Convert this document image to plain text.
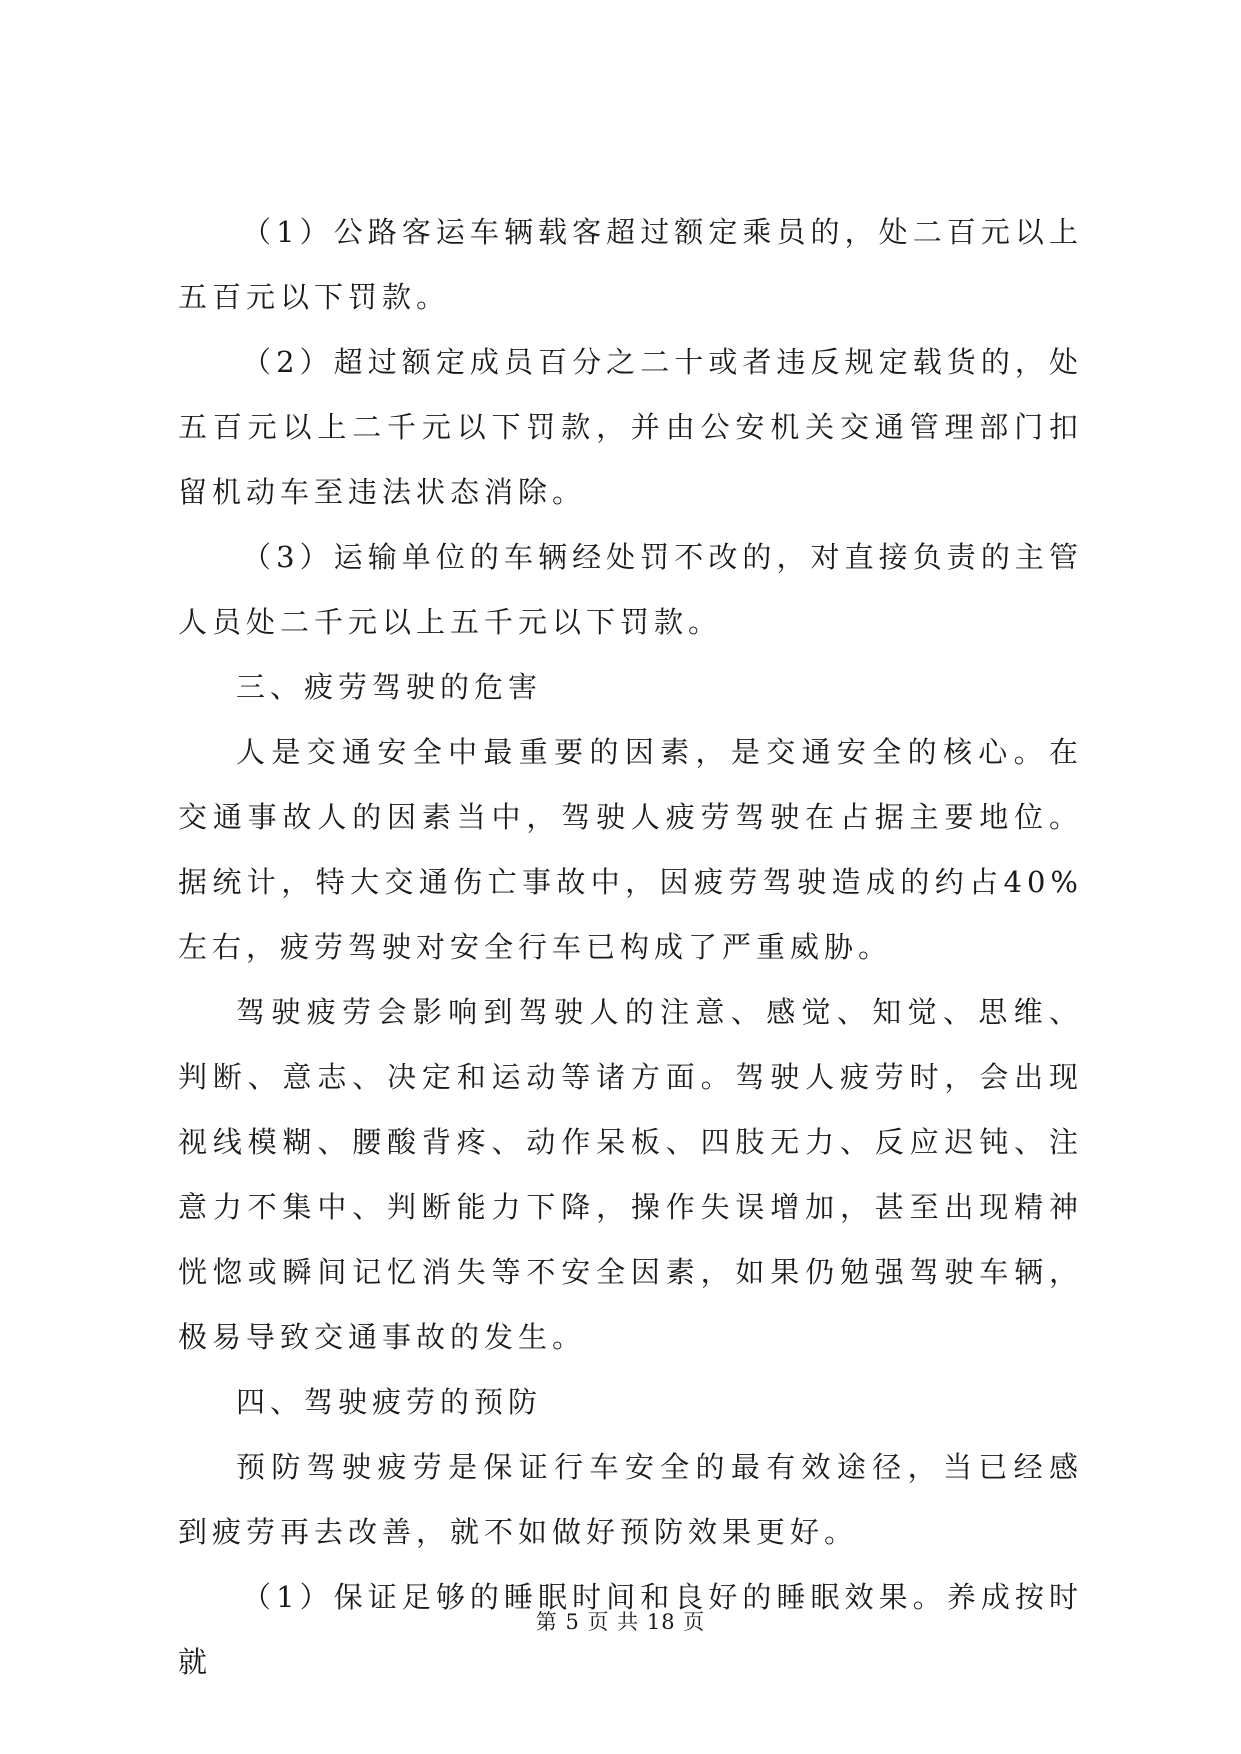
（1）公路客运车辆载客超过额定乘员的，处二百元以上五百元以下罚款。

（2）超过额定成员百分之二十或者违反规定载货的，处五百元以上二千元以下罚款，并由公安机关交通管理部门扣留机动车至违法状态消除。

（3）运输单位的车辆经处罚不改的，对直接负责的主管人员处二千元以上五千元以下罚款。

三、疲劳驾驶的危害

人是交通安全中最重要的因素，是交通安全的核心。在交通事故人的因素当中，驾驶人疲劳驾驶在占据主要地位。据统计，特大交通伤亡事故中，因疲劳驾驶造成的约占40%左右，疲劳驾驶对安全行车已构成了严重威胁。

驾驶疲劳会影响到驾驶人的注意、感觉、知觉、思维、判断、意志、决定和运动等诸方面。驾驶人疲劳时，会出现视线模糊、腰酸背疼、动作呆板、四肢无力、反应迟钝、注意力不集中、判断能力下降，操作失误增加，甚至出现精神恍惚或瞬间记忆消失等不安全因素，如果仍勉强驾驶车辆，极易导致交通事故的发生。

四、驾驶疲劳的预防

预防驾驶疲劳是保证行车安全的最有效途径，当已经感到疲劳再去改善，就不如做好预防效果更好。

（1）保证足够的睡眠时间和良好的睡眠效果。养成按时就

第 5 页 共 18 页
